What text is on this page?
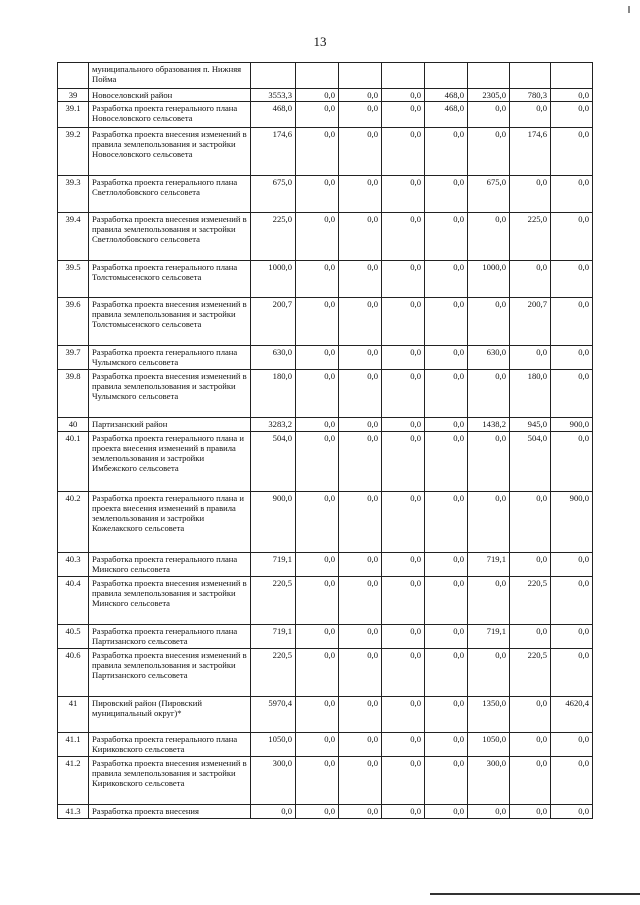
13
	муниципального образования п. Нижняя Пойма								
39	Новоселовский район	3553,3	0,0	0,0	0,0	468,0	2305,0	780,3	0,0
39.1	Разработка проекта генерального плана Новоселовского сельсовета	468,0	0,0	0,0	0,0	468,0	0,0	0,0	0,0
39.2	Разработка проекта внесения изменений в правила землепользования и застройки Новоселовского сельсовета	174,6	0,0	0,0	0,0	0,0	0,0	174,6	0,0
39.3	Разработка проекта генерального плана Светлолобовского сельсовета	675,0	0,0	0,0	0,0	0,0	675,0	0,0	0,0
39.4	Разработка проекта внесения изменений в правила землепользования и застройки Светлолобовского сельсовета	225,0	0,0	0,0	0,0	0,0	0,0	225,0	0,0
39.5	Разработка проекта генерального плана Толстомысенского сельсовета	1000,0	0,0	0,0	0,0	0,0	1000,0	0,0	0,0
39.6	Разработка проекта внесения изменений в правила землепользования и застройки Толстомысенского сельсовета	200,7	0,0	0,0	0,0	0,0	0,0	200,7	0,0
39.7	Разработка проекта генерального плана Чулымского сельсовета	630,0	0,0	0,0	0,0	0,0	630,0	0,0	0,0
39.8	Разработка проекта внесения изменений в правила землепользования и застройки Чулымского сельсовета	180,0	0,0	0,0	0,0	0,0	0,0	180,0	0,0
40	Партизанский район	3283,2	0,0	0,0	0,0	0,0	1438,2	945,0	900,0
40.1	Разработка проекта генерального плана и проекта внесения изменений в правила землепользования и застройки Имбежского сельсовета	504,0	0,0	0,0	0,0	0,0	0,0	504,0	0,0
40.2	Разработка проекта генерального плана и проекта внесения изменений в правила землепользования и застройки Кожелакского сельсовета	900,0	0,0	0,0	0,0	0,0	0,0	0,0	900,0
40.3	Разработка проекта генерального плана Минского сельсовета	719,1	0,0	0,0	0,0	0,0	719,1	0,0	0,0
40.4	Разработка проекта внесения изменений в правила землепользования и застройки Минского сельсовета	220,5	0,0	0,0	0,0	0,0	0,0	220,5	0,0
40.5	Разработка проекта генерального плана Партизанского сельсовета	719,1	0,0	0,0	0,0	0,0	719,1	0,0	0,0
40.6	Разработка проекта внесения изменений в правила землепользования и застройки Партизанского сельсовета	220,5	0,0	0,0	0,0	0,0	0,0	220,5	0,0
41	Пировский район (Пировский муниципальный округ)*	5970,4	0,0	0,0	0,0	0,0	1350,0	0,0	4620,4
41.1	Разработка проекта генерального плана Кириковского сельсовета	1050,0	0,0	0,0	0,0	0,0	1050,0	0,0	0,0
41.2	Разработка проекта внесения изменений в правила землепользования и застройки Кириковского сельсовета	300,0	0,0	0,0	0,0	0,0	300,0	0,0	0,0
41.3	Разработка проекта внесения	0,0	0,0	0,0	0,0	0,0	0,0	0,0	0,0
